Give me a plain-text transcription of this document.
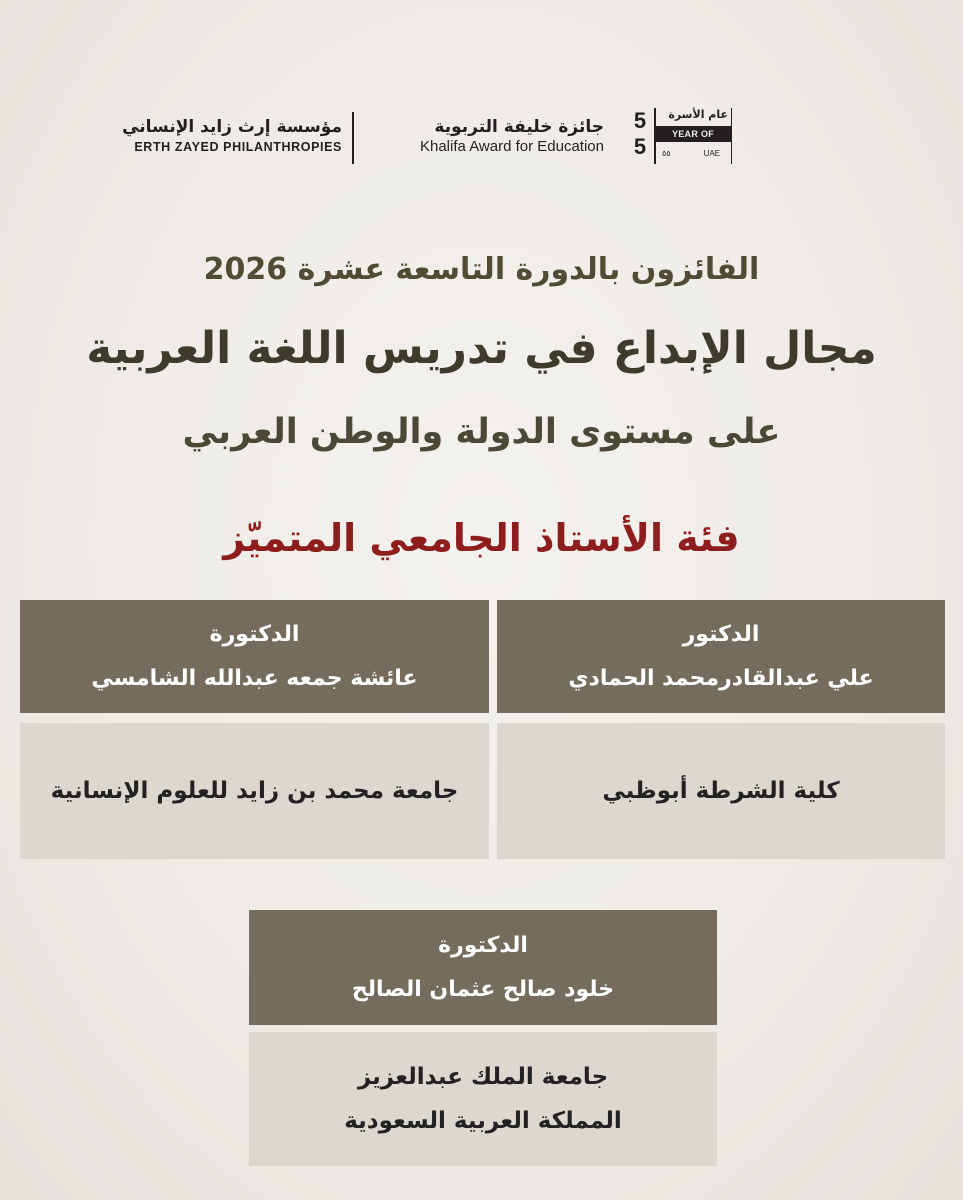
مؤسسة إرث زايد الإنساني
ERTH ZAYED PHILANTHROPIES
جائزة خليفة التربوية
Khalifa Award for Education
5
5
عام الأسرة
YEAR OF FAMILY
٥٥	UAE
الفائزون بالدورة التاسعة عشرة 2026
مجال الإبداع في تدريس اللغة العربية
على مستوى الدولة والوطن العربي
فئة الأستاذ الجامعي المتميّز
الدكتور
علي عبدالقادرمحمد الحمادي
كلية الشرطة أبوظبي
الدكتورة
عائشة جمعه عبدالله الشامسي
جامعة محمد بن زايد للعلوم الإنسانية
الدكتورة
خلود صالح عثمان الصالح
جامعة الملك عبدالعزيز
المملكة العربية السعودية
